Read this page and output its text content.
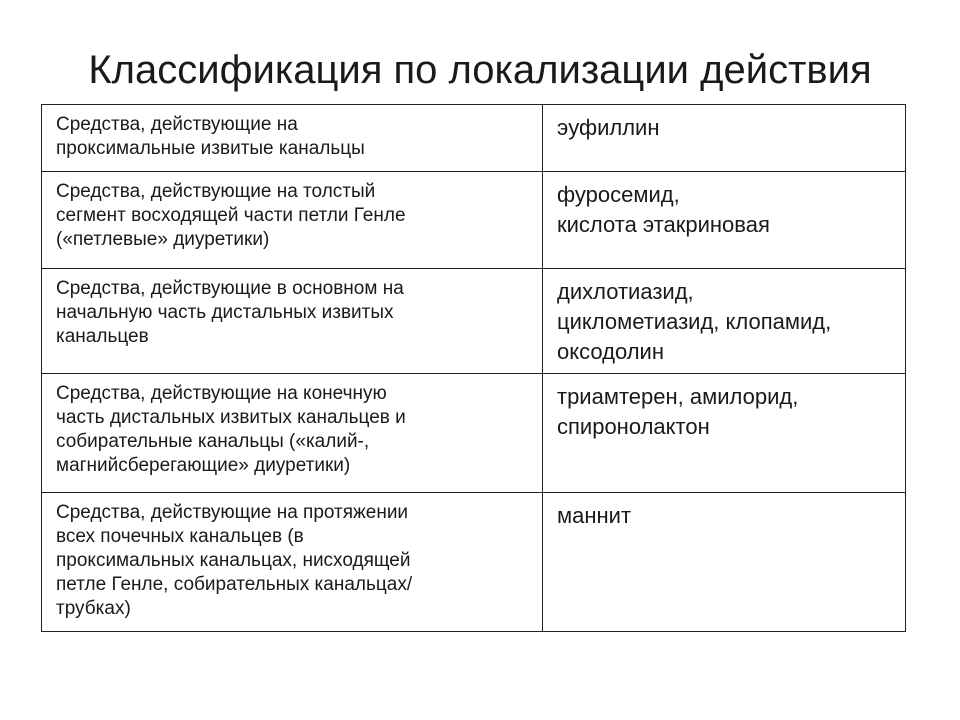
Классификация по локализации действия
Средства, действующие на
проксимальные извитые канальцы	эуфиллин

Средства, действующие на толстый
сегмент восходящей части петли Генле
(«петлевые» диуретики)	фуросемид,
кислота этакриновая

Средства, действующие в основном на
начальную часть дистальных извитых
канальцев	дихлотиазид,
циклометиазид, клопамид,
оксодолин

Средства, действующие на конечную
часть дистальных извитых канальцев и
собирательные канальцы («калий-,
магнийсберегающие» диуретики)	триамтерен, амилорид,
спиронолактон

Средства, действующие на протяжении
всех почечных канальцев (в
проксимальных канальцах, нисходящей
петле Генле, собирательных канальцах/
трубках)	маннит
